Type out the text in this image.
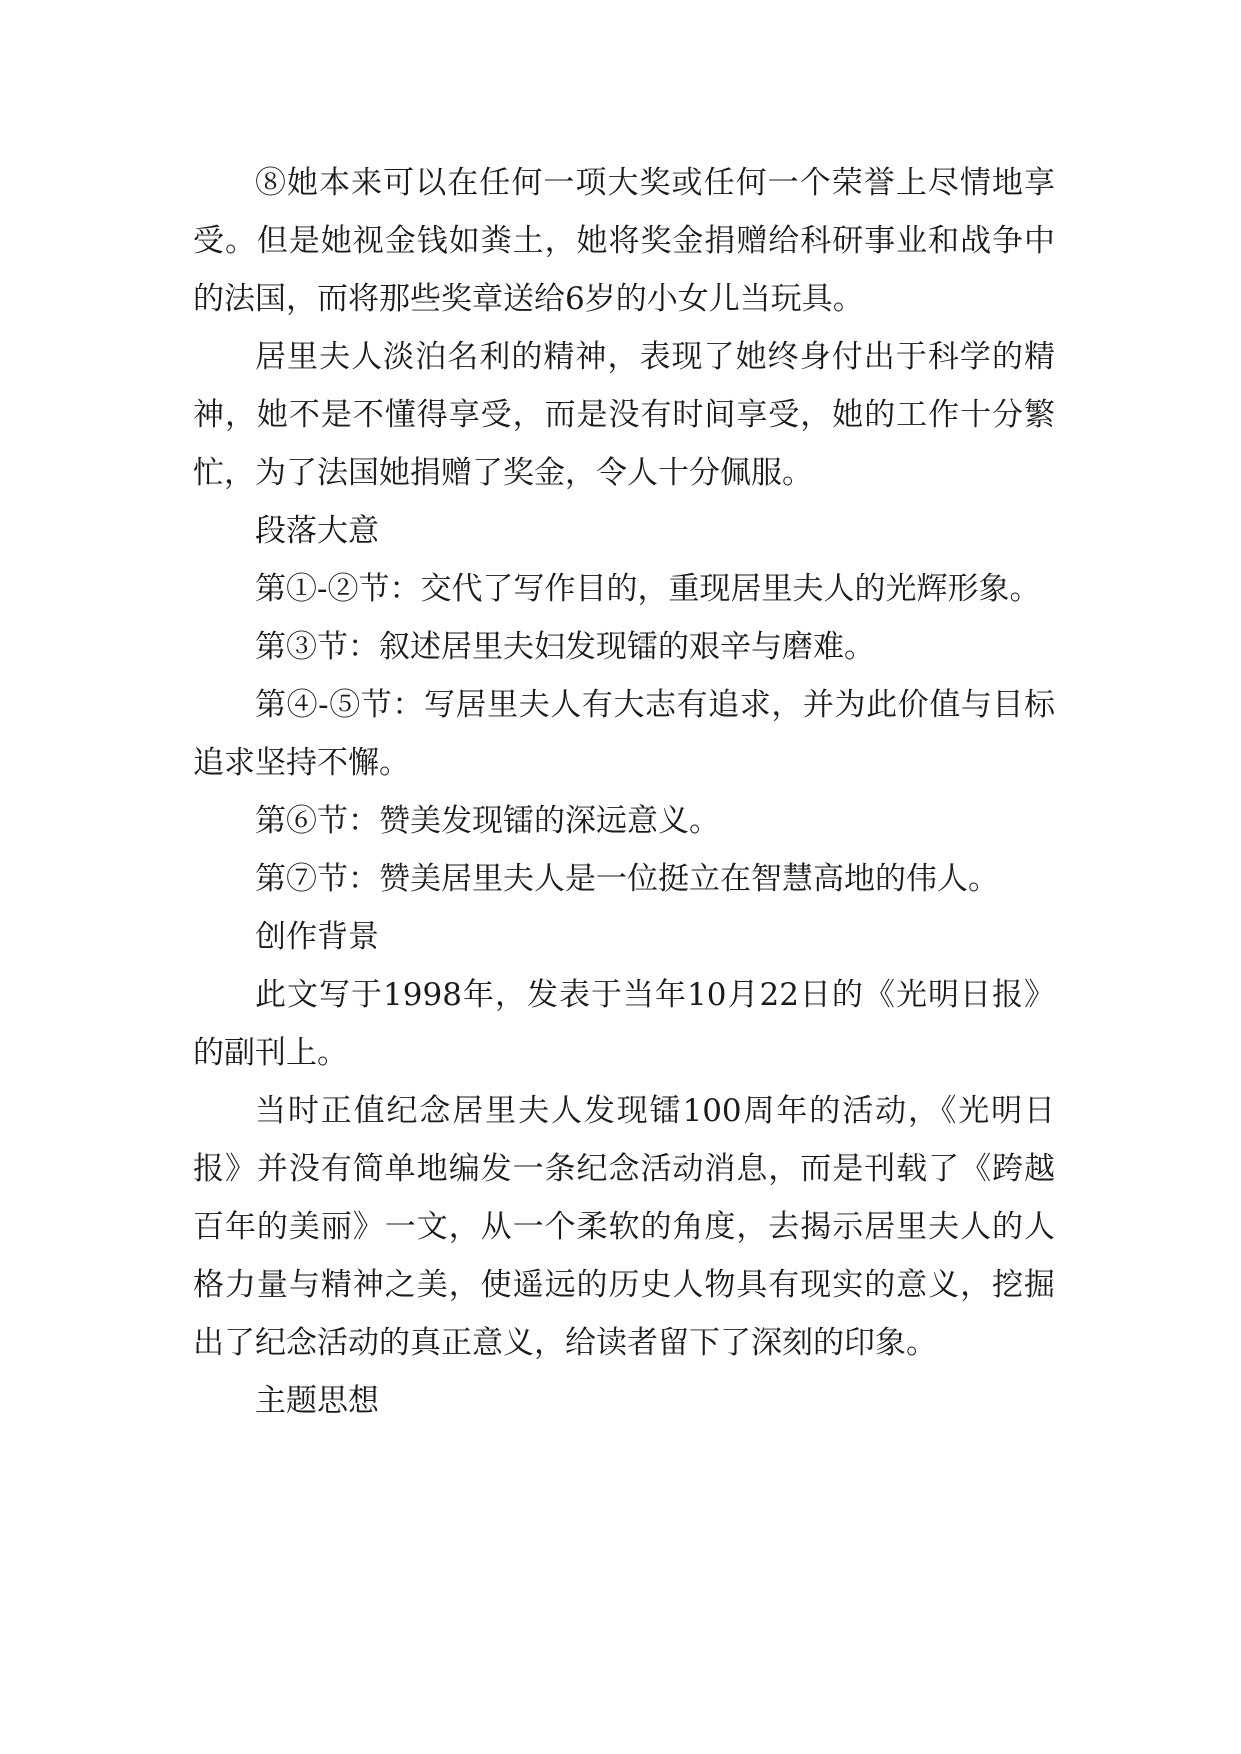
⑧她本来可以在任何一项大奖或任何一个荣誉上尽情地享受。但是她视金钱如粪土，她将奖金捐赠给科研事业和战争中的法国，而将那些奖章送给6岁的小女儿当玩具。

居里夫人淡泊名利的精神，表现了她终身付出于科学的精神，她不是不懂得享受，而是没有时间享受，她的工作十分繁忙，为了法国她捐赠了奖金，令人十分佩服。

段落大意

第①-②节：交代了写作目的，重现居里夫人的光辉形象。

第③节：叙述居里夫妇发现镭的艰辛与磨难。

第④-⑤节：写居里夫人有大志有追求，并为此价值与目标追求坚持不懈。

第⑥节：赞美发现镭的深远意义。

第⑦节：赞美居里夫人是一位挺立在智慧高地的伟人。

创作背景

此文写于1998年，发表于当年10月22日的《光明日报》的副刊上。

当时正值纪念居里夫人发现镭100周年的活动，《光明日报》并没有简单地编发一条纪念活动消息，而是刊载了《跨越百年的美丽》一文，从一个柔软的角度，去揭示居里夫人的人格力量与精神之美，使遥远的历史人物具有现实的意义，挖掘出了纪念活动的真正意义，给读者留下了深刻的印象。

主题思想
